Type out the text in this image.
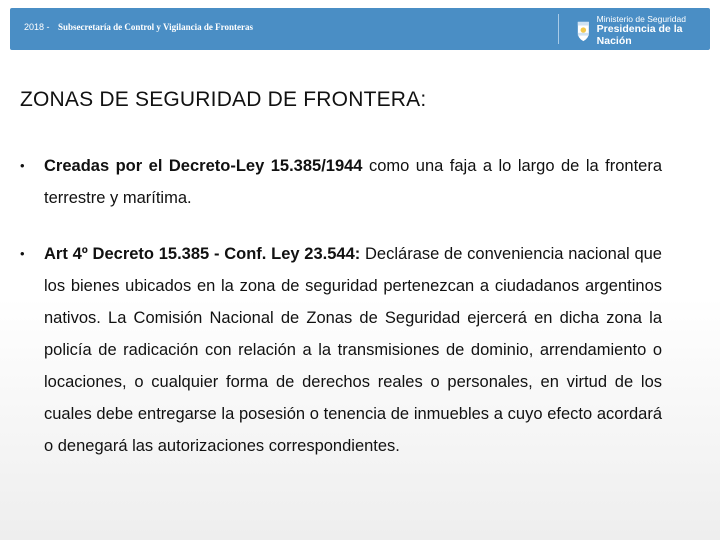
2018 - Subsecretaría de Control y Vigilancia de Fronteras
Ministerio de Seguridad
Presidencia de la Nación
ZONAS DE SEGURIDAD DE FRONTERA:
• Creadas por el Decreto-Ley 15.385/1944 como una faja a lo largo de la frontera terrestre y marítima.
• Art 4º Decreto 15.385 - Conf. Ley 23.544: Declárase de conveniencia nacional que los bienes ubicados en la zona de seguridad pertenezcan a ciudadanos argentinos nativos. La Comisión Nacional de Zonas de Seguridad ejercerá en dicha zona la policía de radicación con relación a la transmisiones de dominio, arrendamiento o locaciones, o cualquier forma de derechos reales o personales, en virtud de los cuales debe entregarse la posesión o tenencia de inmuebles a cuyo efecto acordará o denegará las autorizaciones correspondientes.
